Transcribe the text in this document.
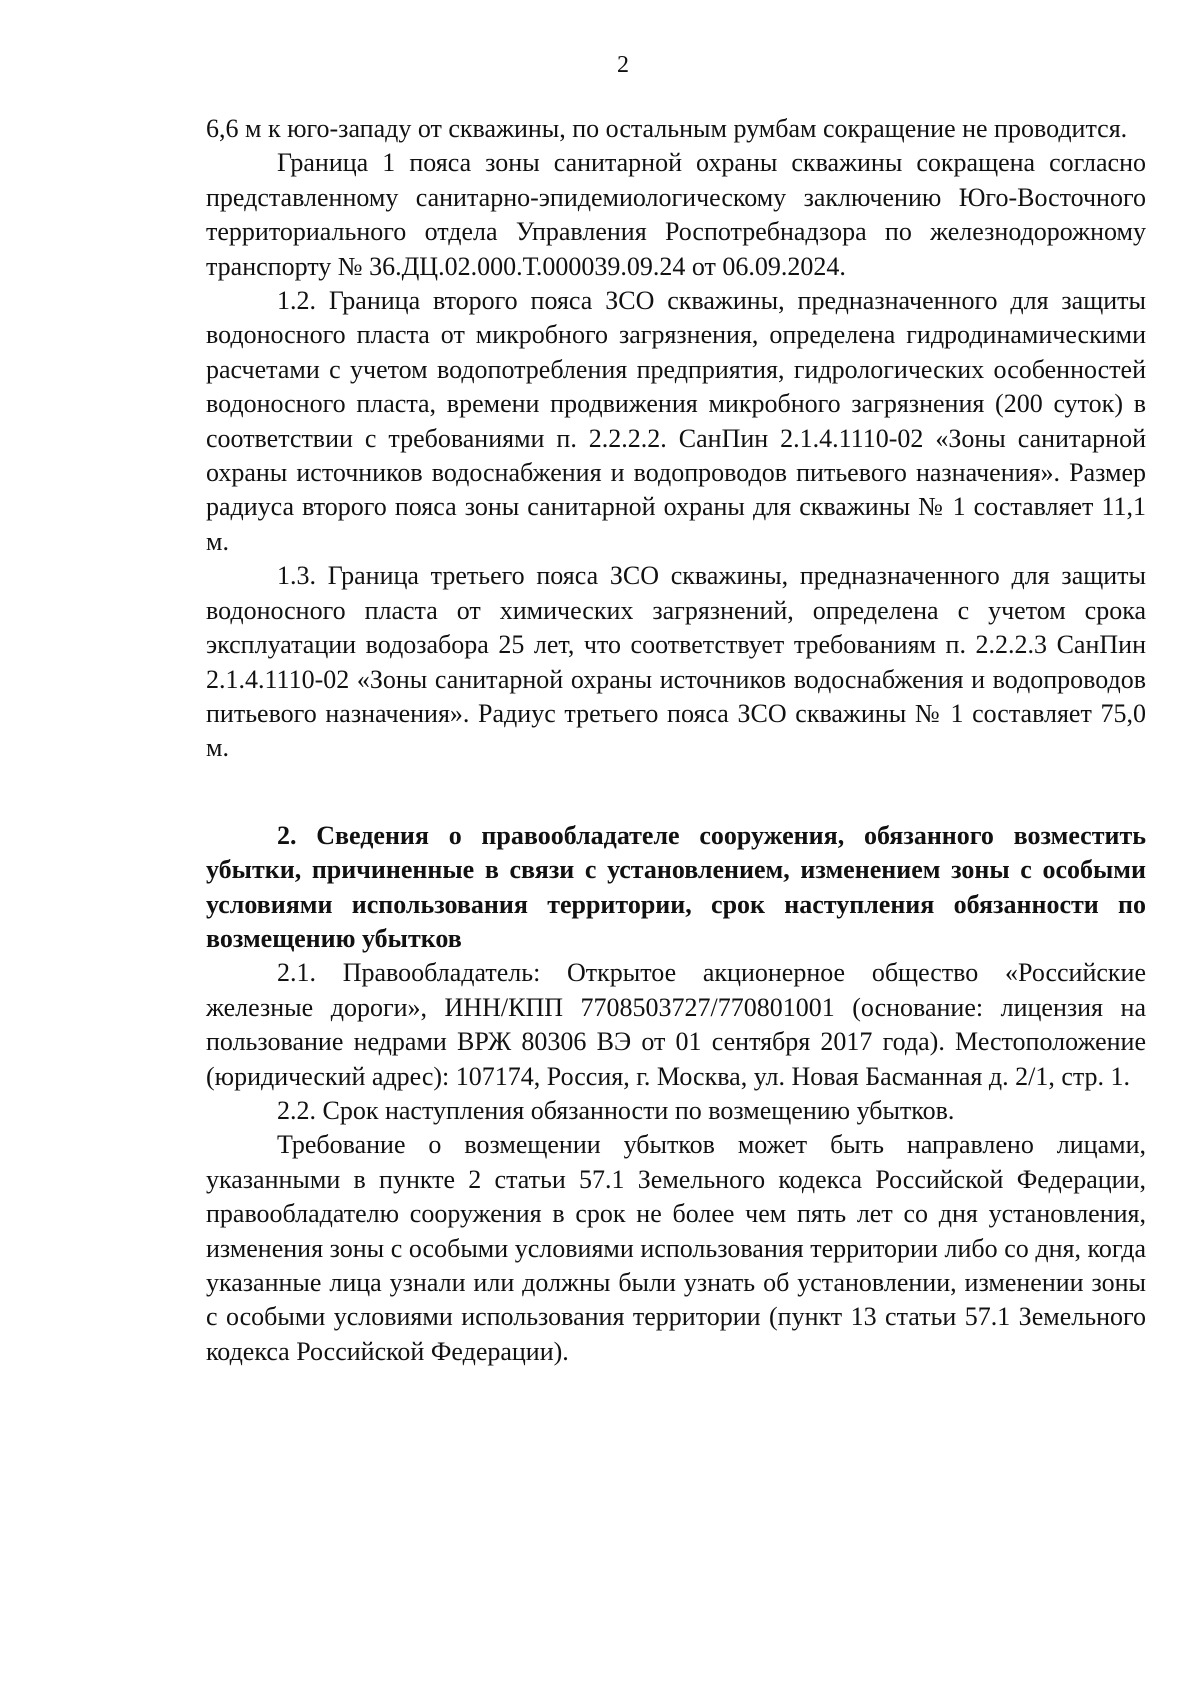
2

6,6 м к юго-западу от скважины, по остальным румбам сокращение не проводится.

Граница 1 пояса зоны санитарной охраны скважины сокращена согласно представленному санитарно-эпидемиологическому заключению Юго-Восточного территориального отдела Управления Роспотребнадзора по железнодорожному транспорту № 36.ДЦ.02.000.Т.000039.09.24 от 06.09.2024.

1.2. Граница второго пояса ЗСО скважины, предназначенного для защиты водоносного пласта от микробного загрязнения, определена гидродинамическими расчетами с учетом водопотребления предприятия, гидрологических особенностей водоносного пласта, времени продвижения микробного загрязнения (200 суток) в соответствии с требованиями п. 2.2.2.2. СанПин 2.1.4.1110-02 «Зоны санитарной охраны источников водоснабжения и водопроводов питьевого назначения». Размер радиуса второго пояса зоны санитарной охраны для скважины № 1 составляет 11,1 м.

1.3. Граница третьего пояса ЗСО скважины, предназначенного для защиты водоносного пласта от химических загрязнений, определена с учетом срока эксплуатации водозабора 25 лет, что соответствует требованиям п. 2.2.2.3 СанПин 2.1.4.1110-02 «Зоны санитарной охраны источников водоснабжения и водопроводов питьевого назначения». Радиус третьего пояса ЗСО скважины № 1 составляет 75,0 м.

2. Сведения о правообладателе сооружения, обязанного возместить убытки, причиненные в связи с установлением, изменением зоны с особыми условиями использования территории, срок наступления обязанности по возмещению убытков

2.1. Правообладатель: Открытое акционерное общество «Российские железные дороги», ИНН/КПП 7708503727/770801001 (основание: лицензия на пользование недрами ВРЖ 80306 ВЭ от 01 сентября 2017 года). Местоположение (юридический адрес): 107174, Россия, г. Москва, ул. Новая Басманная д. 2/1, стр. 1.

2.2. Срок наступления обязанности по возмещению убытков.

Требование о возмещении убытков может быть направлено лицами, указанными в пункте 2 статьи 57.1 Земельного кодекса Российской Федерации, правообладателю сооружения в срок не более чем пять лет со дня установления, изменения зоны с особыми условиями использования территории либо со дня, когда указанные лица узнали или должны были узнать об установлении, изменении зоны с особыми условиями использования территории (пункт 13 статьи 57.1 Земельного кодекса Российской Федерации).
